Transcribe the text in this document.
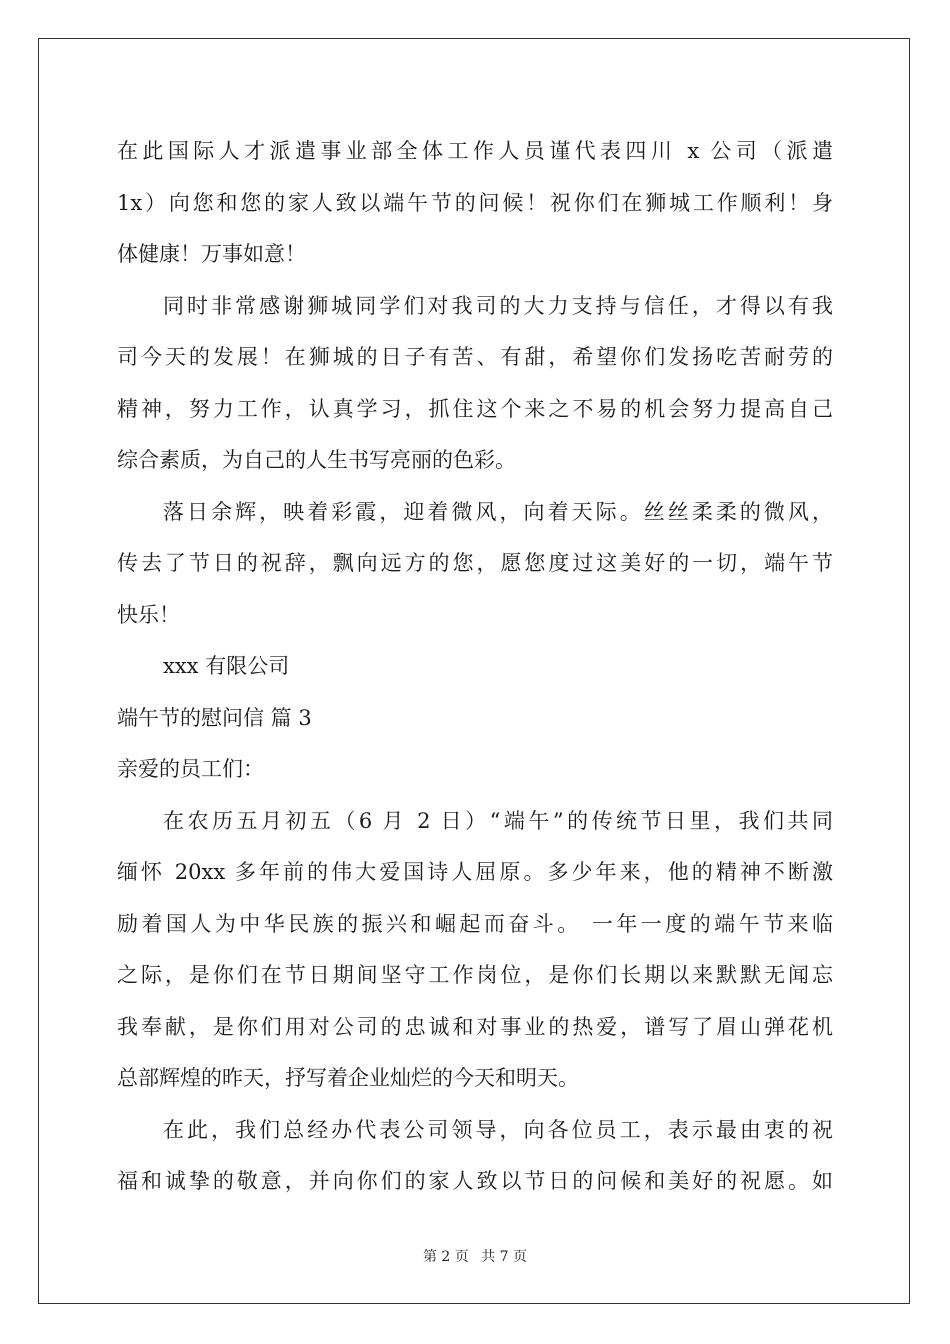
在此国际人才派遣事业部全体工作人员谨代表四川 x 公司（派遣
1x）向您和您的家人致以端午节的问候！祝你们在狮城工作顺利！身
体健康！万事如意！
同时非常感谢狮城同学们对我司的大力支持与信任，才得以有我
司今天的发展！在狮城的日子有苦、有甜，希望你们发扬吃苦耐劳的
精神，努力工作，认真学习，抓住这个来之不易的机会努力提高自己
综合素质，为自己的人生书写亮丽的色彩。
落日余辉，映着彩霞，迎着微风，向着天际。丝丝柔柔的微风，
传去了节日的祝辞，飘向远方的您，愿您度过这美好的一切，端午节
快乐！
xxx 有限公司
端午节的慰问信 篇 3
亲爱的员工们：
在农历五月初五（6 月 2 日）“端午”的传统节日里，我们共同
缅怀 20xx 多年前的伟大爱国诗人屈原。多少年来，他的精神不断激
励着国人为中华民族的振兴和崛起而奋斗。 一年一度的端午节来临
之际，是你们在节日期间坚守工作岗位，是你们长期以来默默无闻忘
我奉献，是你们用对公司的忠诚和对事业的热爱，谱写了眉山弹花机
总部辉煌的昨天，抒写着企业灿烂的今天和明天。
在此，我们总经办代表公司领导，向各位员工，表示最由衷的祝
福和诚挚的敬意，并向你们的家人致以节日的问候和美好的祝愿。如
第 2 页 共 7 页
